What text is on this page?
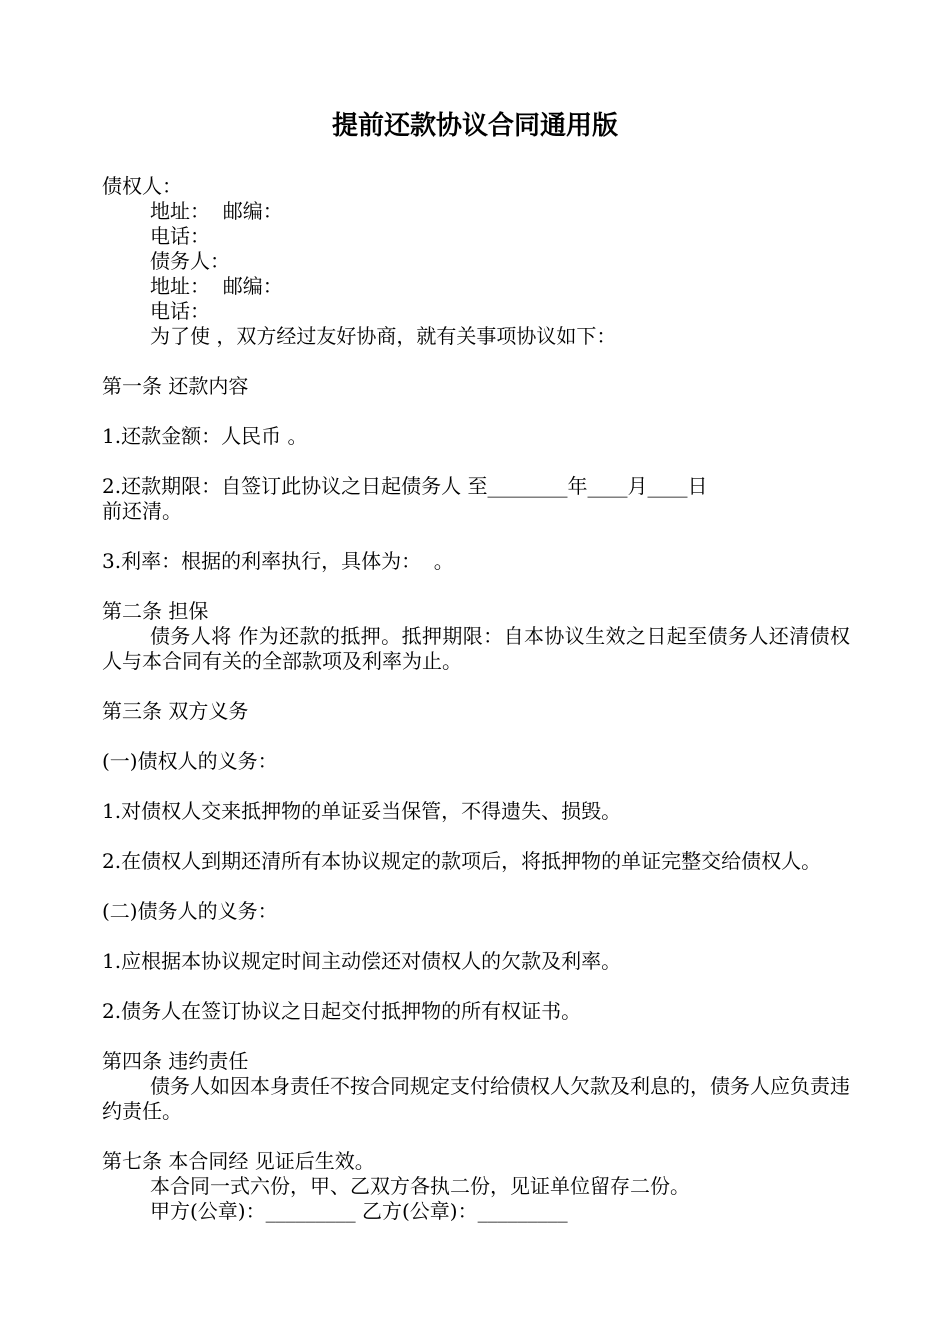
提前还款协议合同通用版

债权人：

地址：  邮编：

电话：

债务人：

地址：  邮编：

电话：

为了使 ，双方经过友好协商，就有关事项协议如下：

第一条 还款内容

1.还款金额：人民币 。

2.还款期限：自签订此协议之日起债务人 至________年____月____日

前还清。

3.利率：根据的利率执行，具体为：  。

第二条 担保

债务人将 作为还款的抵押。抵押期限：自本协议生效之日起至债务人还清债权人与本合同有关的全部款项及利率为止。

第三条 双方义务

(一)债权人的义务：

1.对债权人交来抵押物的单证妥当保管，不得遗失、损毁。

2.在债权人到期还清所有本协议规定的款项后，将抵押物的单证完整交给债权人。

(二)债务人的义务：

1.应根据本协议规定时间主动偿还对债权人的欠款及利率。

2.债务人在签订协议之日起交付抵押物的所有权证书。

第四条 违约责任

债务人如因本身责任不按合同规定支付给债权人欠款及利息的，债务人应负责违约责任。

第七条 本合同经 见证后生效。

本合同一式六份，甲、乙双方各执二份，见证单位留存二份。

甲方(公章)：_________ 乙方(公章)：_________
